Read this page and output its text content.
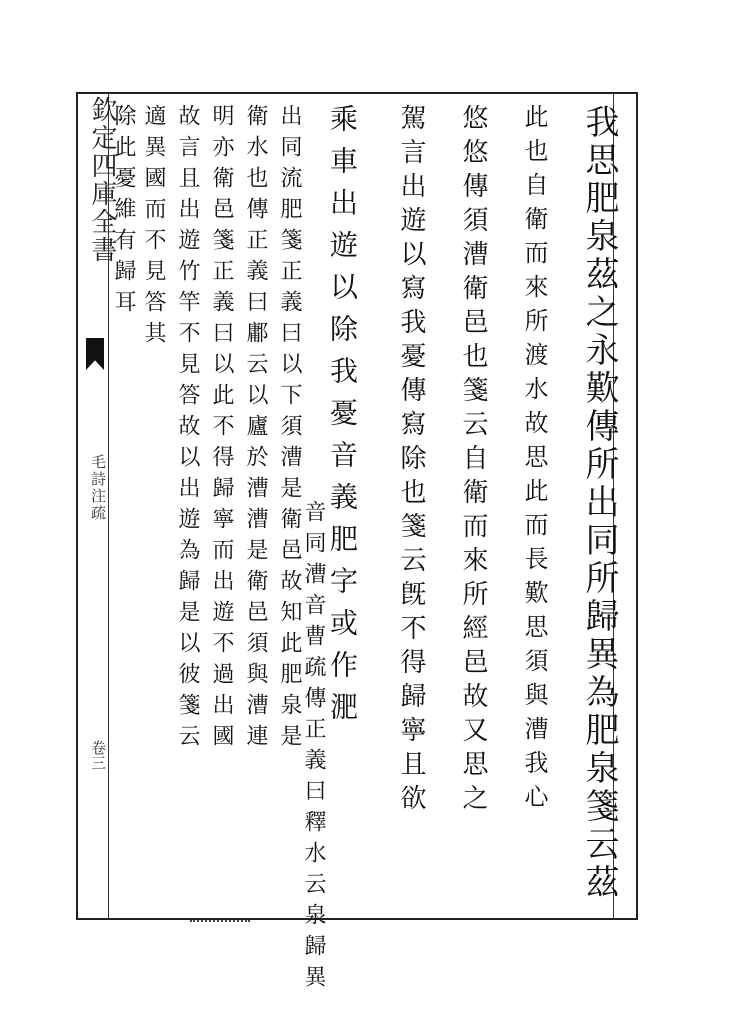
欽定四庫全書
毛詩注疏
卷三	我思肥泉茲之永歎傳所出同所歸異為肥泉箋云茲
此也自衛而來所渡水故思此而長歎思須與漕我心
悠悠傳須漕衛邑也箋云自衛而來所經邑故又思之
駕言出遊以寫我憂傳寫除也箋云旣不得歸寧且欲
乘車出遊以除我憂音義肥字或作淝
音同漕音曹疏傳正義曰釋水云泉歸異
出同流肥箋正義曰以下須漕是衛邑故知此肥泉是
衛水也傳正義曰鄘云以廬於漕漕是衛邑須與漕連
明亦衛邑箋正義曰以此不得歸寧而出遊不過出國
故言且出遊竹竿不見答故以出遊為歸是以彼箋云
適異國而不見答其
除此憂維有歸耳
